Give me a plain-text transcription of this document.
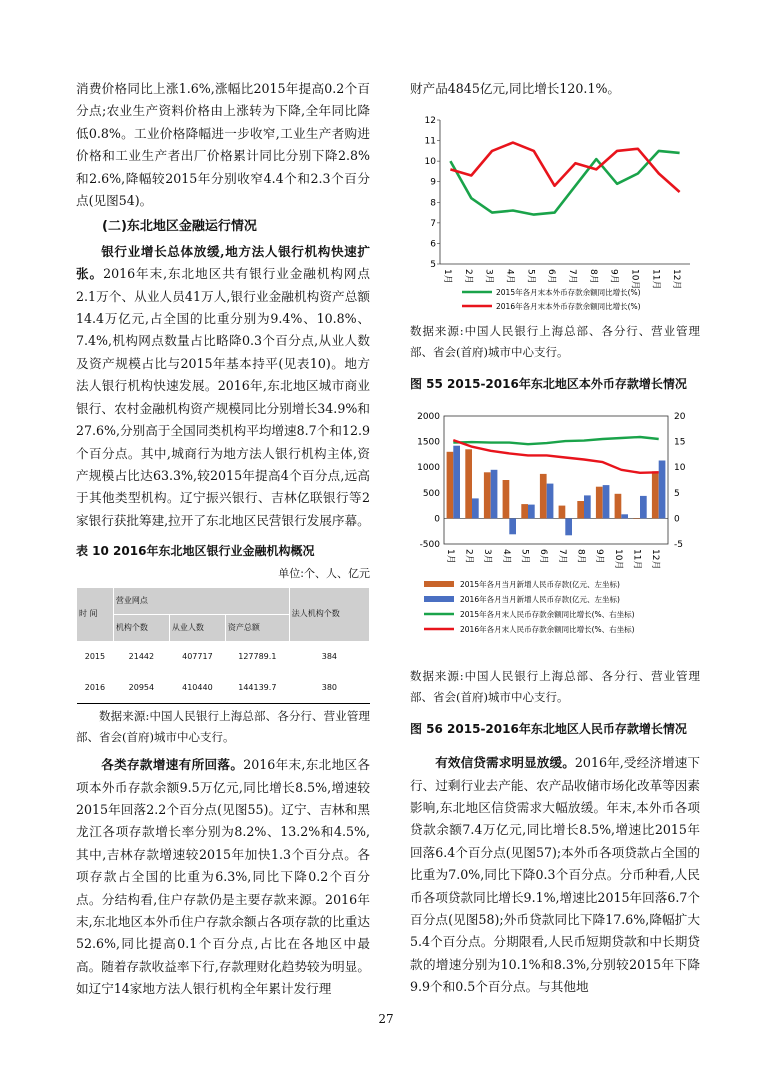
消费价格同比上涨1.6%,涨幅比2015年提高0.2个百分点;农业生产资料价格由上涨转为下降,全年同比降低0.8%。工业价格降幅进一步收窄,工业生产者购进价格和工业生产者出厂价格累计同比分别下降2.8%和2.6%,降幅较2015年分别收窄4.4个和2.3个百分点(见图54)。

(二)东北地区金融运行情况

银行业增长总体放缓,地方法人银行机构快速扩张。2016年末,东北地区共有银行业金融机构网点2.1万个、从业人员41万人,银行业金融机构资产总额14.4万亿元,占全国的比重分别为9.4%、10.8%、7.4%,机构网点数量占比略降0.3个百分点,从业人数及资产规模占比与2015年基本持平(见表10)。地方法人银行机构快速发展。2016年,东北地区城市商业银行、农村金融机构资产规模同比分别增长34.9%和27.6%,分别高于全国同类机构平均增速8.7个和12.9个百分点。其中,城商行为地方法人银行机构主体,资产规模占比达63.3%,较2015年提高4个百分点,远高于其他类型机构。辽宁振兴银行、吉林亿联银行等2家银行获批筹建,拉开了东北地区民营银行发展序幕。

表 10 2016年东北地区银行业金融机构概况

单位:个、人、亿元
时 间	营业网点			法人机构个数
	机构个数	从业人数	资产总额	
2015	21442	407717	127789.1	384
2016	20954	410440	144139.7	380

数据来源:中国人民银行上海总部、各分行、营业管理部、省会(首府)城市中心支行。

各类存款增速有所回落。2016年末,东北地区各项本外币存款余额9.5万亿元,同比增长8.5%,增速较2015年回落2.2个百分点(见图55)。辽宁、吉林和黑龙江各项存款增长率分别为8.2%、13.2%和4.5%,其中,吉林存款增速较2015年加快1.3个百分点。各项存款占全国的比重为6.3%,同比下降0.2个百分点。分结构看,住户存款仍是主要存款来源。2016年末,东北地区本外币住户存款余额占各项存款的比重达52.6%,同比提高0.1个百分点,占比在各地区中最高。随着存款收益率下行,存款理财化趋势较为明显。如辽宁14家地方法人银行机构全年累计发行理

财产品4845亿元,同比增长120.1%。

5
6
7
8
9
10
11
12
1月 2月 3月 4月 5月 6月 7月 8月 9月 10月 11月 12月
2015年各月末本外币存款余额同比增长(%)
2016年各月末本外币存款余额同比增长(%)

数据来源:中国人民银行上海总部、各分行、营业管理部、省会(首府)城市中心支行。

图 55 2015-2016年东北地区本外币存款增长情况

-500
0
500
1000
1500
2000
-5
0
5
10
15
20
1月 2月 3月 4月 5月 6月 7月 8月 9月 10月 11月 12月
2015年各月当月新增人民币存款(亿元、左坐标)
2016年各月当月新增人民币存款(亿元、左坐标)
2015年各月末人民币存款余额同比增长(%、右坐标)
2016年各月末人民币存款余额同比增长(%、右坐标)

数据来源:中国人民银行上海总部、各分行、营业管理部、省会(首府)城市中心支行。

图 56 2015-2016年东北地区人民币存款增长情况

有效信贷需求明显放缓。2016年,受经济增速下行、过剩行业去产能、农产品收储市场化改革等因素影响,东北地区信贷需求大幅放缓。年末,本外币各项贷款余额7.4万亿元,同比增长8.5%,增速比2015年回落6.4个百分点(见图57);本外币各项贷款占全国的比重为7.0%,同比下降0.3个百分点。分币种看,人民币各项贷款同比增长9.1%,增速比2015年回落6.7个百分点(见图58);外币贷款同比下降17.6%,降幅扩大5.4个百分点。分期限看,人民币短期贷款和中长期贷款的增速分别为10.1%和8.3%,分别较2015年下降9.9个和0.5个百分点。与其他地

27
